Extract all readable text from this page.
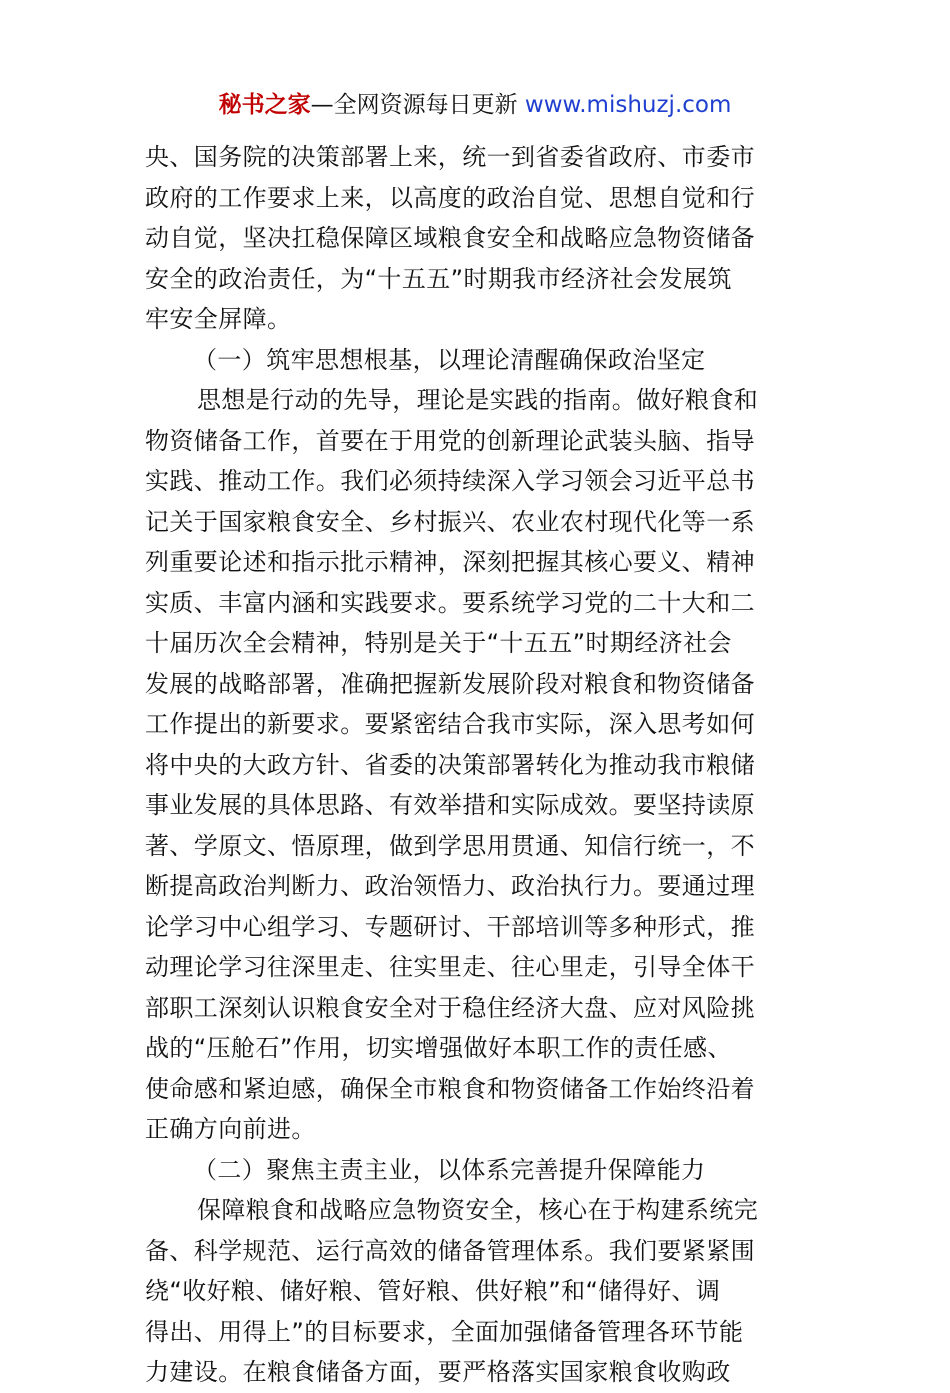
秘书之家—全网资源每日更新 www.mishuzj.com
央、国务院的决策部署上来，统一到省委省政府、市委市
政府的工作要求上来，以高度的政治自觉、思想自觉和行
动自觉，坚决扛稳保障区域粮食安全和战略应急物资储备
安全的政治责任，为“十五五”时期我市经济社会发展筑
牢安全屏障。
（一）筑牢思想根基，以理论清醒确保政治坚定
思想是行动的先导，理论是实践的指南。做好粮食和
物资储备工作，首要在于用党的创新理论武装头脑、指导
实践、推动工作。我们必须持续深入学习领会习近平总书
记关于国家粮食安全、乡村振兴、农业农村现代化等一系
列重要论述和指示批示精神，深刻把握其核心要义、精神
实质、丰富内涵和实践要求。要系统学习党的二十大和二
十届历次全会精神，特别是关于“十五五”时期经济社会
发展的战略部署，准确把握新发展阶段对粮食和物资储备
工作提出的新要求。要紧密结合我市实际，深入思考如何
将中央的大政方针、省委的决策部署转化为推动我市粮储
事业发展的具体思路、有效举措和实际成效。要坚持读原
著、学原文、悟原理，做到学思用贯通、知信行统一，不
断提高政治判断力、政治领悟力、政治执行力。要通过理
论学习中心组学习、专题研讨、干部培训等多种形式，推
动理论学习往深里走、往实里走、往心里走，引导全体干
部职工深刻认识粮食安全对于稳住经济大盘、应对风险挑
战的“压舱石”作用，切实增强做好本职工作的责任感、
使命感和紧迫感，确保全市粮食和物资储备工作始终沿着
正确方向前进。
（二）聚焦主责主业，以体系完善提升保障能力
保障粮食和战略应急物资安全，核心在于构建系统完
备、科学规范、运行高效的储备管理体系。我们要紧紧围
绕“收好粮、储好粮、管好粮、供好粮”和“储得好、调
得出、用得上”的目标要求，全面加强储备管理各环节能
力建设。在粮食储备方面，要严格落实国家粮食收购政
